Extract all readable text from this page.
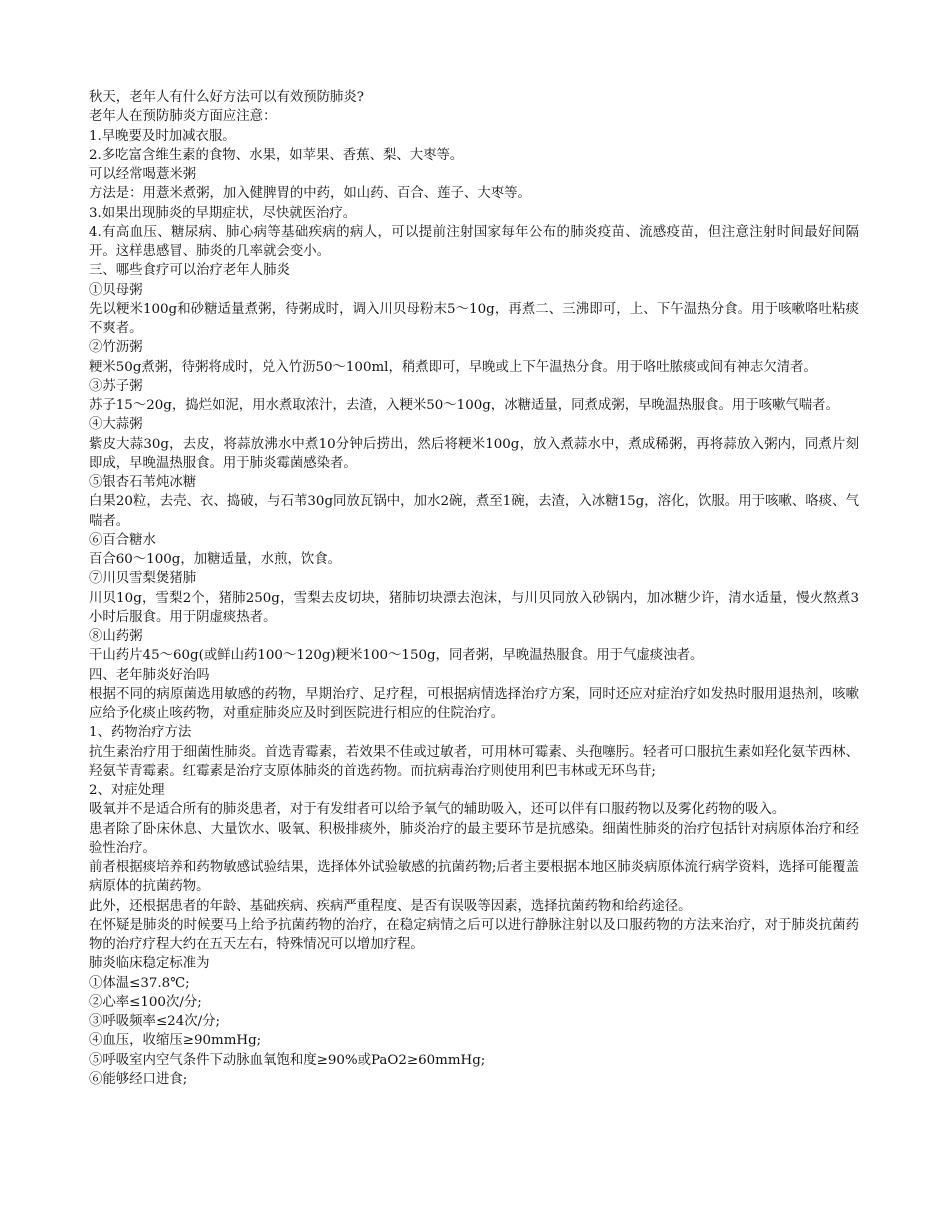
秋天，老年人有什么好方法可以有效预防肺炎?

老年人在预防肺炎方面应注意：

1.早晚要及时加减衣服。

2.多吃富含维生素的食物、水果，如苹果、香蕉、梨、大枣等。

可以经常喝薏米粥

方法是：用薏米煮粥，加入健脾胃的中药，如山药、百合、莲子、大枣等。

3.如果出现肺炎的早期症状，尽快就医治疗。

4.有高血压、糖尿病、肺心病等基础疾病的病人，可以提前注射国家每年公布的肺炎疫苗、流感疫苗，但注意注射时间最好间隔开。这样患感冒、肺炎的几率就会变小。

三、哪些食疗可以治疗老年人肺炎

①贝母粥

先以粳米100g和砂糖适量煮粥，待粥成时，调入川贝母粉末5～10g，再煮二、三沸即可，上、下午温热分食。用于咳嗽咯吐粘痰不爽者。

②竹沥粥

粳米50g煮粥，待粥将成时，兑入竹沥50～100ml，稍煮即可，早晚或上下午温热分食。用于咯吐脓痰或间有神志欠清者。

③苏子粥

苏子15～20g，捣烂如泥，用水煮取浓汁，去渣，入粳米50～100g，冰糖适量，同煮成粥，早晚温热服食。用于咳嗽气喘者。

④大蒜粥

紫皮大蒜30g，去皮，将蒜放沸水中煮10分钟后捞出，然后将粳米100g，放入煮蒜水中，煮成稀粥，再将蒜放入粥内，同煮片刻即成，早晚温热服食。用于肺炎霉菌感染者。

⑤银杏石苇炖冰糖

白果20粒，去壳、衣、捣破，与石苇30g同放瓦锅中，加水2碗，煮至1碗，去渣，入冰糖15g，溶化，饮服。用于咳嗽、咯痰、气喘者。

⑥百合糖水

百合60～100g，加糖适量，水煎，饮食。

⑦川贝雪梨煲猪肺

川贝10g，雪梨2个，猪肺250g，雪梨去皮切块，猪肺切块漂去泡沫，与川贝同放入砂锅内，加冰糖少许，清水适量，慢火熬煮3小时后服食。用于阴虚痰热者。

⑧山药粥

干山药片45～60g(或鲜山药100～120g)粳米100～150g，同者粥，早晚温热服食。用于气虚痰浊者。

四、老年肺炎好治吗

根据不同的病原菌选用敏感的药物，早期治疗、足疗程，可根据病情选择治疗方案，同时还应对症治疗如发热时服用退热剂，咳嗽应给予化痰止咳药物，对重症肺炎应及时到医院进行相应的住院治疗。

1、药物治疗方法

抗生素治疗用于细菌性肺炎。首选青霉素，若效果不佳或过敏者，可用林可霉素、头孢噻肟。轻者可口服抗生素如羟化氨苄西林、羟氨苄青霉素。红霉素是治疗支原体肺炎的首选药物。而抗病毒治疗则使用利巴韦林或无环鸟苷;

2、对症处理

吸氧并不是适合所有的肺炎患者，对于有发绀者可以给予氧气的辅助吸入，还可以伴有口服药物以及雾化药物的吸入。

患者除了卧床休息、大量饮水、吸氧、积极排痰外，肺炎治疗的最主要环节是抗感染。细菌性肺炎的治疗包括针对病原体治疗和经验性治疗。

前者根据痰培养和药物敏感试验结果，选择体外试验敏感的抗菌药物;后者主要根据本地区肺炎病原体流行病学资料，选择可能覆盖病原体的抗菌药物。

此外，还根据患者的年龄、基础疾病、疾病严重程度、是否有误吸等因素，选择抗菌药物和给药途径。

在怀疑是肺炎的时候要马上给予抗菌药物的治疗，在稳定病情之后可以进行静脉注射以及口服药物的方法来治疗，对于肺炎抗菌药物的治疗疗程大约在五天左右，特殊情况可以增加疗程。

肺炎临床稳定标准为

①体温≤37.8℃;

②心率≤100次/分;

③呼吸频率≤24次/分;

④血压，收缩压≥90mmHg;

⑤呼吸室内空气条件下动脉血氧饱和度≥90%或PaO2≥60mmHg;

⑥能够经口进食;
